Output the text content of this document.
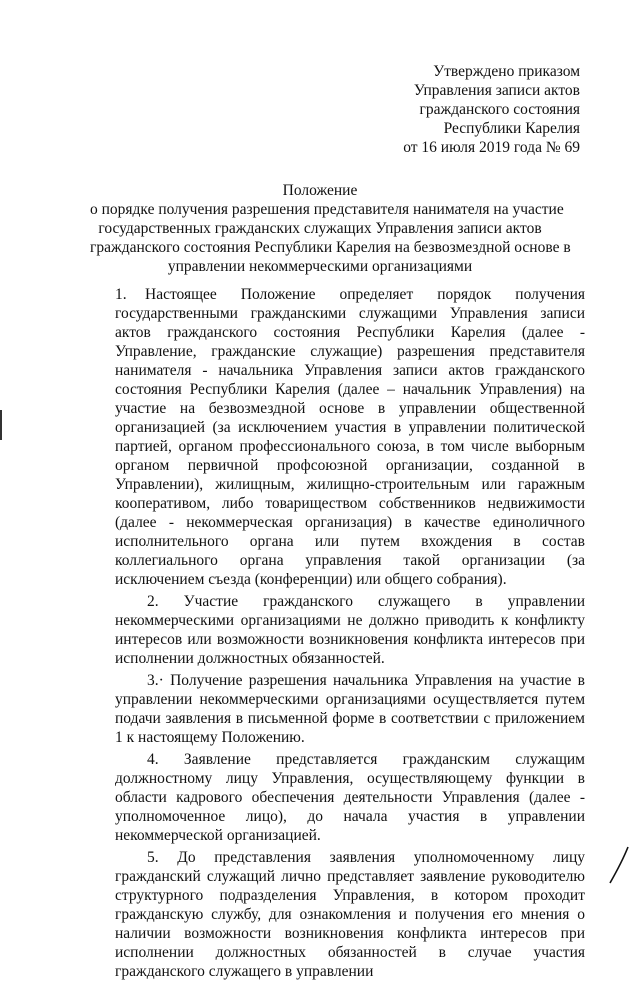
Утверждено приказом
Управления записи актов
гражданского состояния
Республики Карелия
от 16 июля 2019 года № 69
Положение
о порядке получения разрешения представителя нанимателя на участие
государственных гражданских служащих Управления записи актов
гражданского состояния Республики Карелия на безвозмездной основе в
управлении некоммерческими организациями

1. Настоящее Положение определяет порядок получения государственными гражданскими служащими Управления записи актов гражданского состояния Республики Карелия (далее - Управление, гражданские служащие) разрешения представителя нанимателя - начальника Управления записи актов гражданского состояния Республики Карелия (далее – начальник Управления) на участие на безвозмездной основе в управлении общественной организацией (за исключением участия в управлении политической партией, органом профессионального союза, в том числе выборным органом первичной профсоюзной организации, созданной в Управлении), жилищным, жилищно-строительным или гаражным кооперативом, либо товариществом собственников недвижимости (далее - некоммерческая организация) в качестве единоличного исполнительного органа или путем вхождения в состав коллегиального органа управления такой организации (за исключением съезда (конференции) или общего собрания).

2. Участие гражданского служащего в управлении некоммерческими организациями не должно приводить к конфликту интересов или возможности возникновения конфликта интересов при исполнении должностных обязанностей.

3.· Получение разрешения начальника Управления на участие в управлении некоммерческими организациями осуществляется путем подачи заявления в письменной форме в соответствии с приложением 1 к настоящему Положению.

4. Заявление представляется гражданским служащим должностному лицу Управления, осуществляющему функции в области кадрового обеспечения деятельности Управления (далее - уполномоченное лицо), до начала участия в управлении некоммерческой организацией.

5. До представления заявления уполномоченному лицу гражданский служащий лично представляет заявление руководителю структурного подразделения Управления, в котором проходит гражданскую службу, для ознакомления и получения его мнения о наличии возможности возникновения конфликта интересов при исполнении должностных обязанностей в случае участия гражданского служащего в управлении
